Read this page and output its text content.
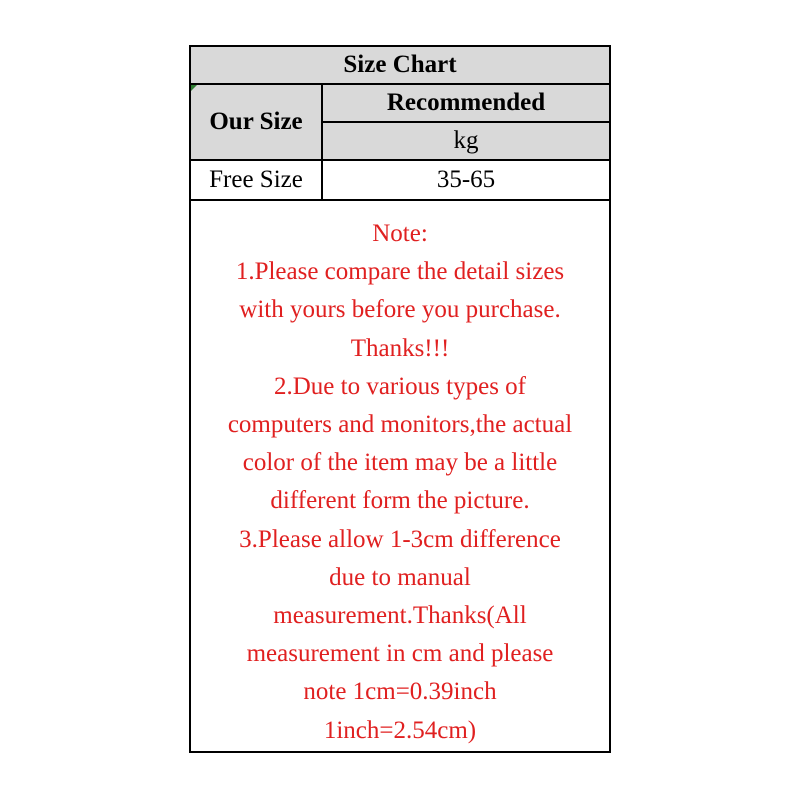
Size Chart
Our Size
Recommended
kg
Free Size	35-65
Note:
1.Please compare the detail sizes
with yours before you purchase.
Thanks!!!
2.Due to various types of
computers and monitors,the actual
color of the item may be a little
different form the picture.
3.Please allow 1-3cm difference
due to manual
measurement.Thanks(All
measurement in cm and please
note 1cm=0.39inch
1inch=2.54cm)
